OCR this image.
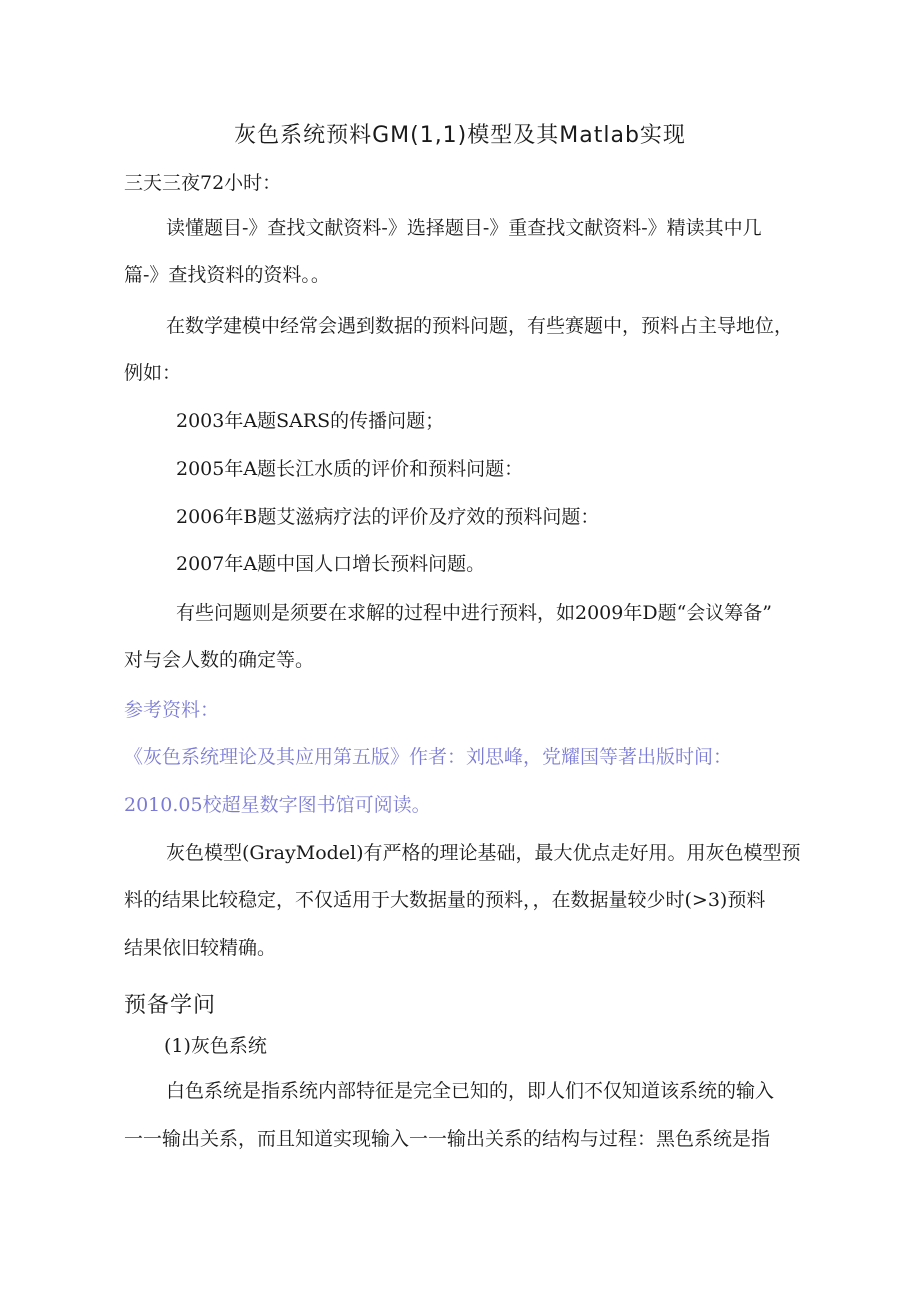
灰色系统预料GM(1,1)模型及其Matlab实现
三天三夜72小时：
读懂题目-》查找文献资料-》选择题目-》重查找文献资料-》精读其中几
篇-》查找资料的资料。。
在数学建模中经常会遇到数据的预料问题，有些赛题中，预料占主导地位，
例如：
2003年A题SARS的传播问题；
2005年A题长江水质的评价和预料问题：
2006年B题艾滋病疗法的评价及疗效的预料问题：
2007年A题中国人口增长预料问题。
有些问题则是须要在求解的过程中进行预料，如2009年D题“会议筹备”
对与会人数的确定等。
参考资料：
《灰色系统理论及其应用第五版》作者：刘思峰，党耀国等著出版时间：
2010.05校超星数字图书馆可阅读。
灰色模型(GrayModel)有严格的理论基础，最大优点走好用。用灰色模型预
料的结果比较稳定，不仅适用于大数据量的预料，，在数据量较少时(>3)预料
结果依旧较精确。
预备学问
(1)灰色系统
白色系统是指系统内部特征是完全已知的，即人们不仅知道该系统的输入
一一输出关系，而且知道实现输入一一输出关系的结构与过程：黑色系统是指
